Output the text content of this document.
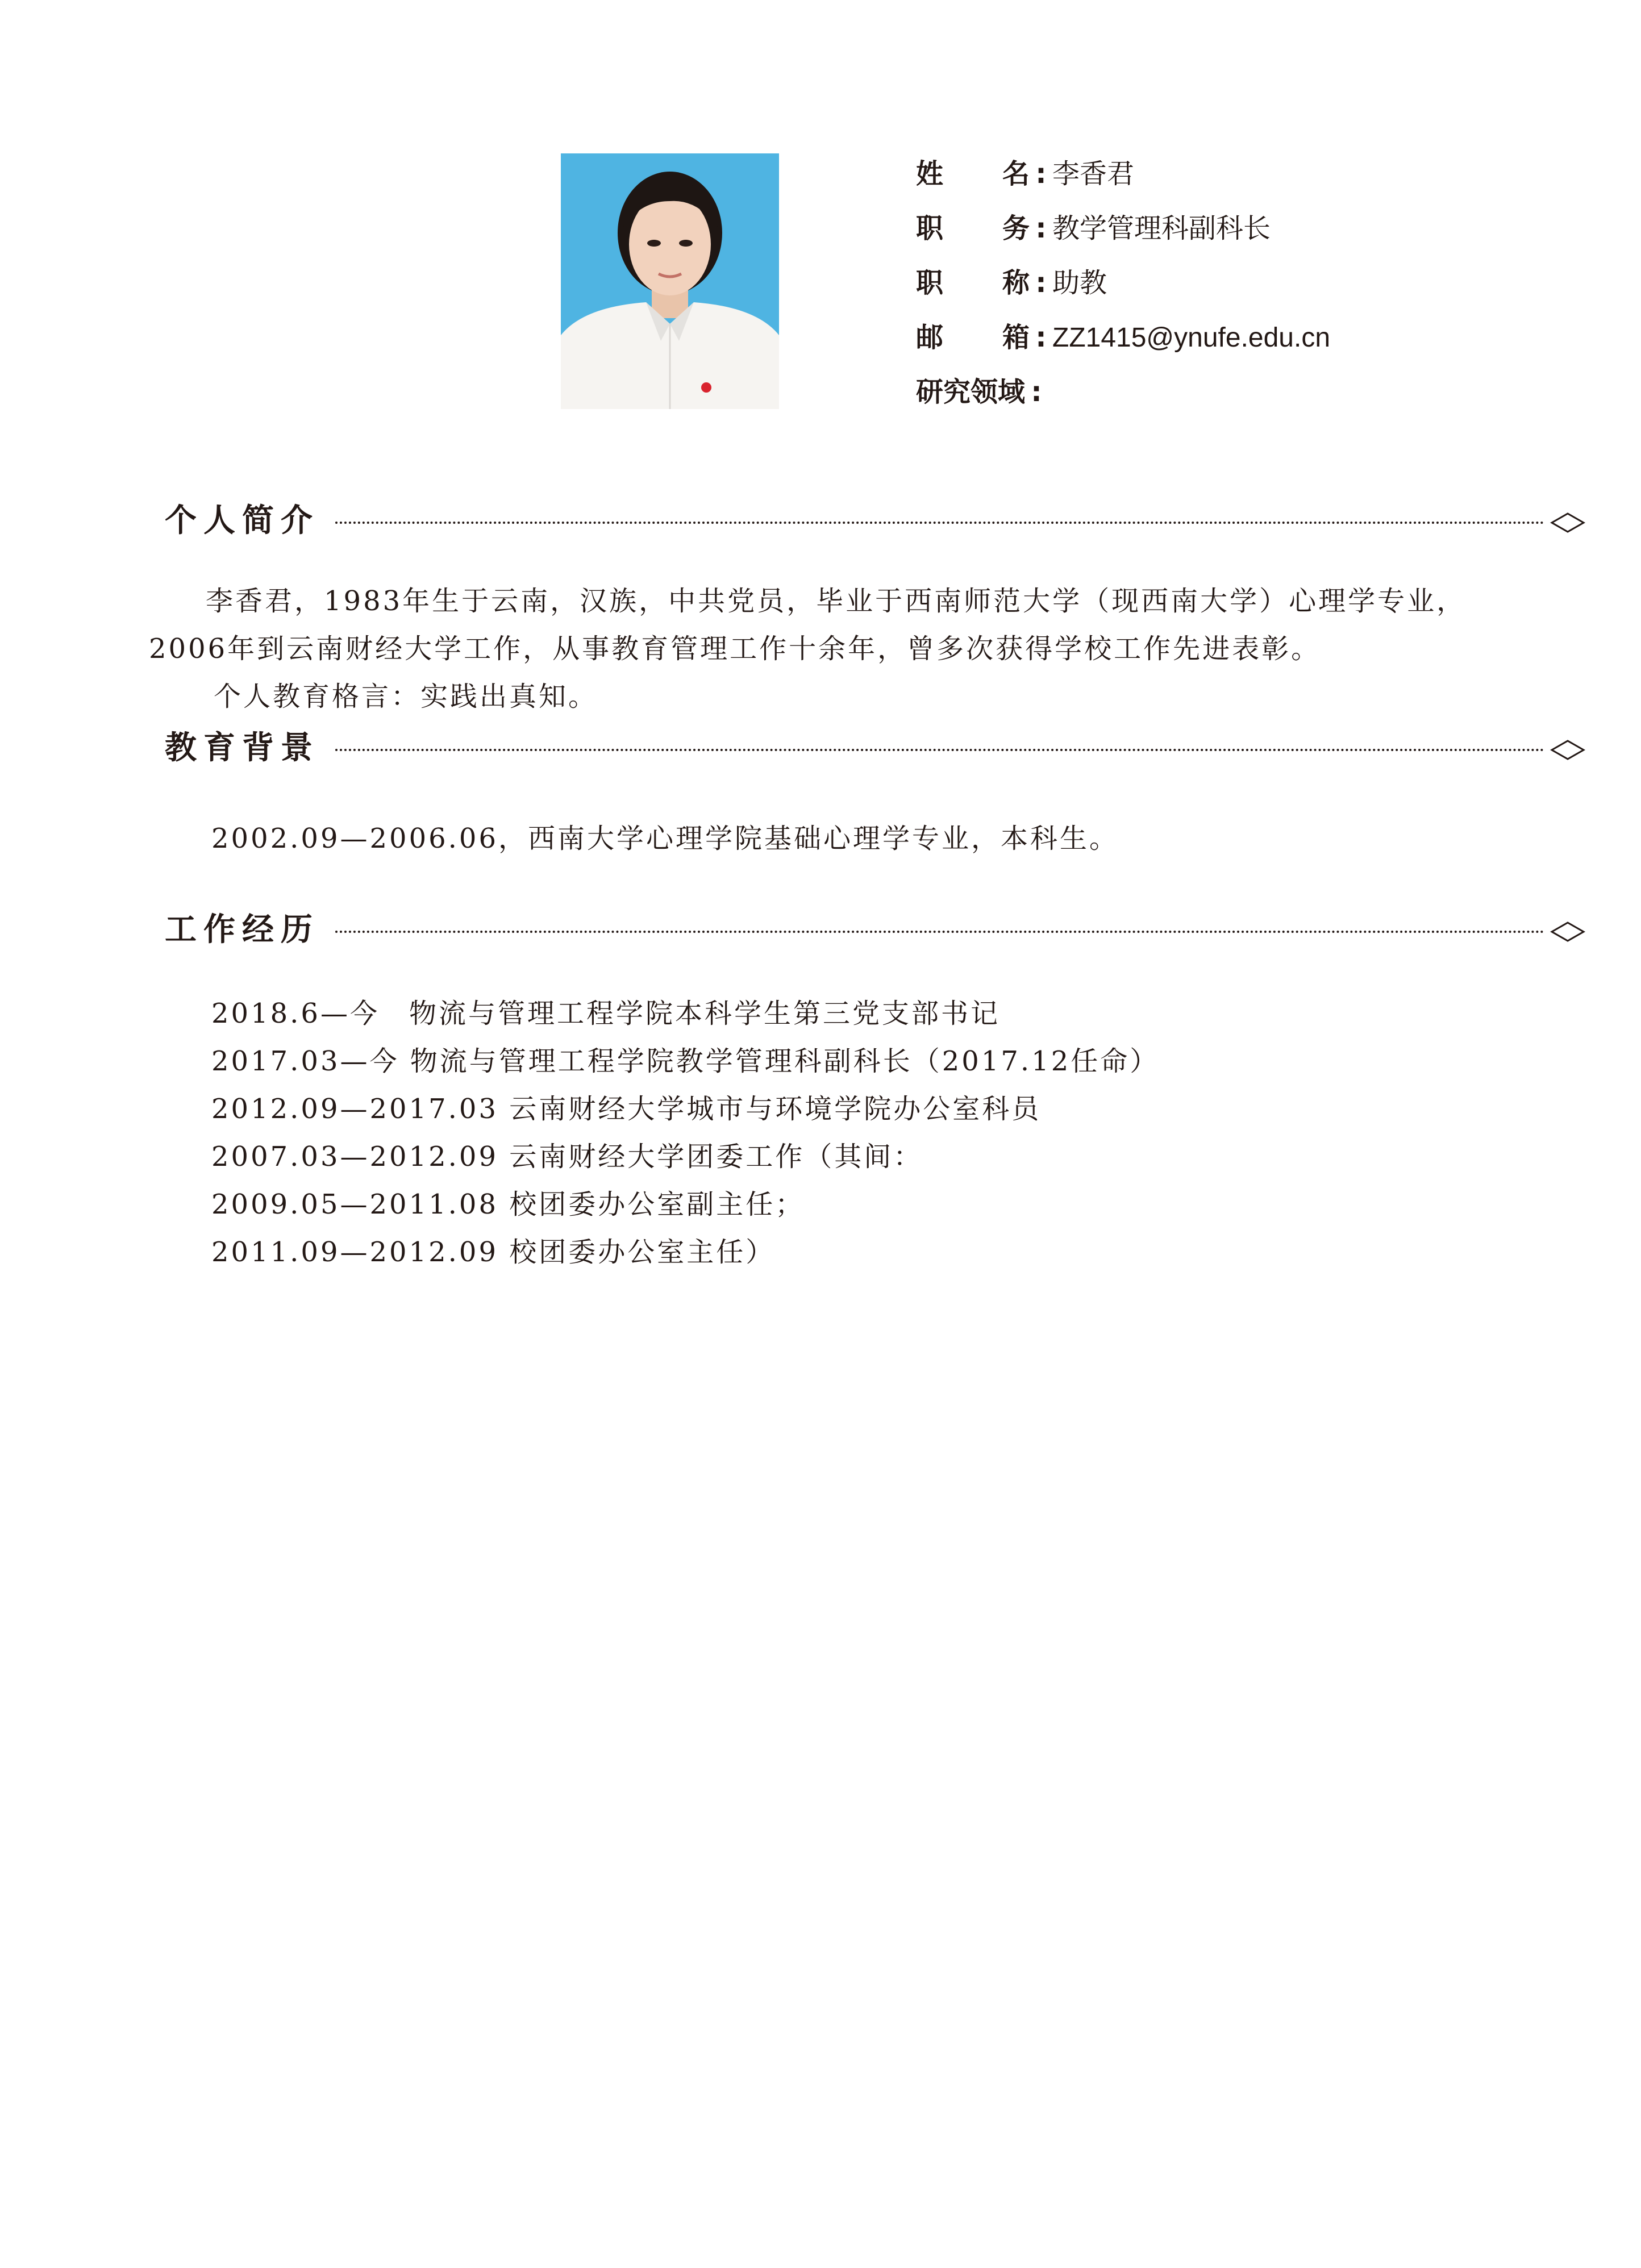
姓 名 : 李香君
职 务 : 教学管理科副科长
职 称 : 助教
邮 箱 : ZZ1415@ynufe.edu.cn
研究领域 :
个人简介
李香君，1983年生于云南，汉族，中共党员，毕业于西南师范大学（现西南大学）心理学专业，
2006年到云南财经大学工作，从事教育管理工作十余年，曾多次获得学校工作先进表彰。
个人教育格言：实践出真知。
教育背景
2002.09—2006.06，西南大学心理学院基础心理学专业，本科生。
工作经历
2018.6—今　物流与管理工程学院本科学生第三党支部书记
2017.03—今 物流与管理工程学院教学管理科副科长（2017.12任命）
2012.09—2017.03 云南财经大学城市与环境学院办公室科员
2007.03—2012.09 云南财经大学团委工作（其间：
2009.05—2011.08 校团委办公室副主任；
2011.09—2012.09 校团委办公室主任）
